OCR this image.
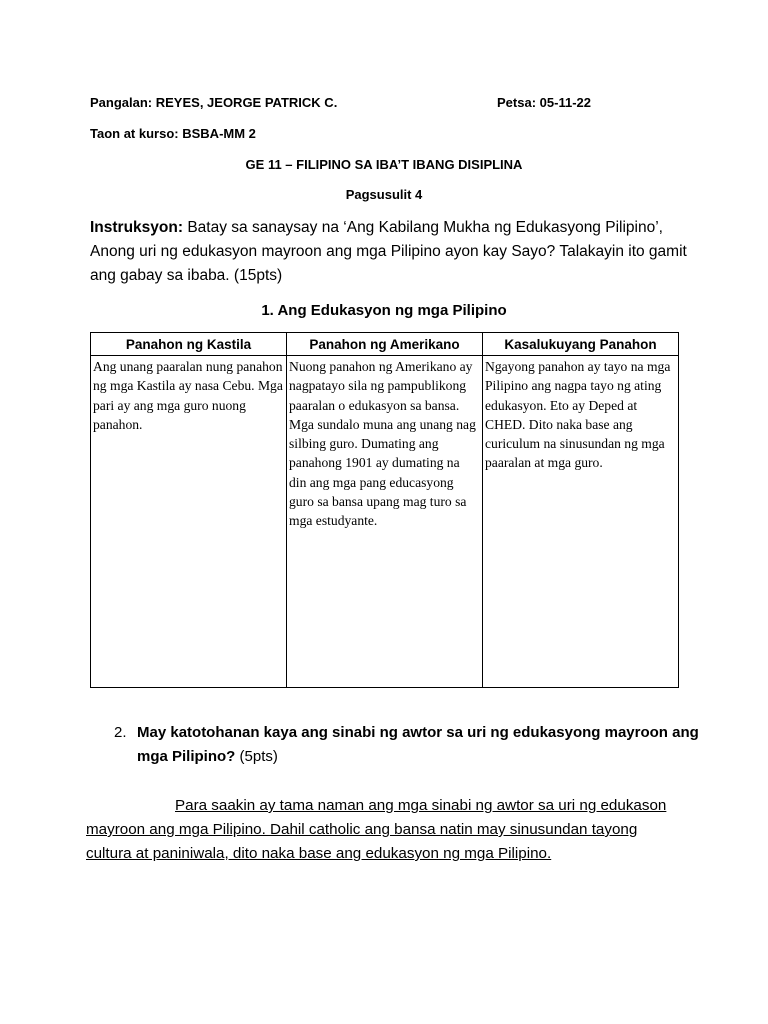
Pangalan: REYES, JEORGE PATRICK C.	Petsa: 05-11-22
Taon at kurso: BSBA-MM 2
GE 11 – FILIPINO SA IBA’T IBANG DISIPLINA
Pagsusulit 4
Instruksyon: Batay sa sanaysay na ‘Ang Kabilang Mukha ng Edukasyong Pilipino’, Anong uri ng edukasyon mayroon ang mga Pilipino ayon kay Sayo? Talakayin ito gamit ang gabay sa ibaba. (15pts)
1. Ang Edukasyon ng mga Pilipino
Panahon ng Kastila	Panahon ng Amerikano	Kasalukuyang Panahon
Ang unang paaralan nung panahon ng mga Kastila ay nasa Cebu. Mga pari ay ang mga guro nuong panahon.	Nuong panahon ng Amerikano ay nagpatayo sila ng pampublikong paaralan o edukasyon sa bansa. Mga sundalo muna ang unang nag silbing guro. Dumating ang panahong 1901 ay dumating na din ang mga pang educasyong guro sa bansa upang mag turo sa mga estudyante.	Ngayong panahon ay tayo na mga Pilipino ang nagpa tayo ng ating edukasyon. Eto ay Deped at CHED. Dito naka base ang curiculum na sinusundan ng mga paaralan at mga guro.
2. May katotohanan kaya ang sinabi ng awtor sa uri ng edukasyong mayroon ang mga Pilipino? (5pts)
Para saakin ay tama naman ang mga sinabi ng awtor sa uri ng edukason mayroon ang mga Pilipino. Dahil catholic ang bansa natin may sinusundan tayong cultura at paniniwala, dito naka base ang edukasyon ng mga Pilipino.
